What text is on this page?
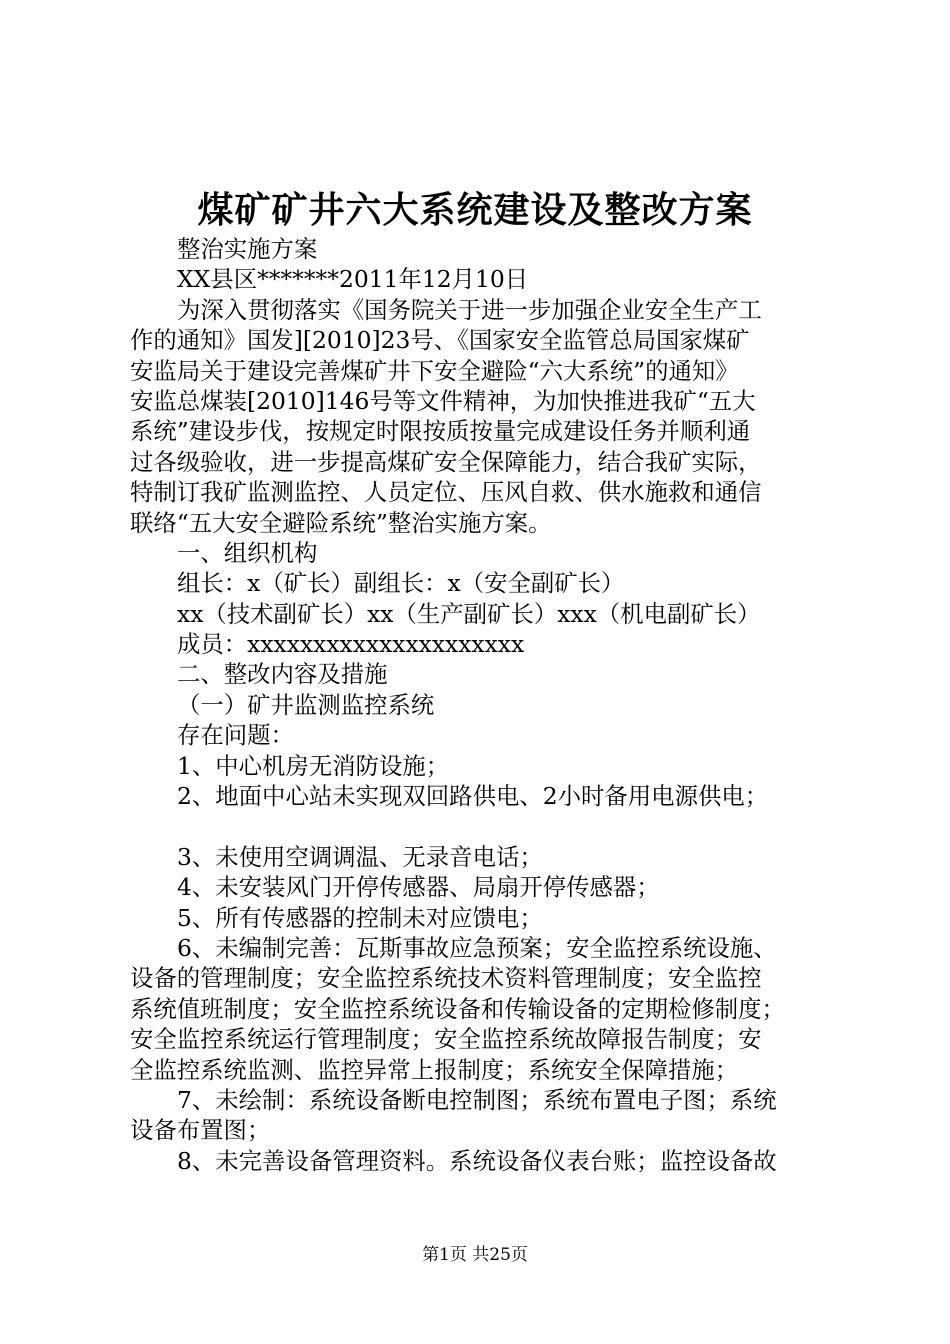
煤矿矿井六大系统建设及整改方案
整治实施方案
XX县区*******2011年12月10日
为深入贯彻落实《国务院关于进一步加强企业安全生产工
作的通知》国发][2010]23号、《国家安全监管总局国家煤矿
安监局关于建设完善煤矿井下安全避险“六大系统”的通知》
安监总煤装[2010]146号等文件精神，为加快推进我矿“五大
系统”建设步伐，按规定时限按质按量完成建设任务并顺利通
过各级验收，进一步提高煤矿安全保障能力，结合我矿实际，
特制订我矿监测监控、人员定位、压风自救、供水施救和通信
联络“五大安全避险系统”整治实施方案。
一、组织机构
组长：x（矿长）副组长：x（安全副矿长）
xx（技术副矿长）xx（生产副矿长）xxx（机电副矿长）
成员：xxxxxxxxxxxxxxxxxxxxx
二、整改内容及措施
（一）矿井监测监控系统
存在问题：
1、中心机房无消防设施；
2、地面中心站未实现双回路供电、2小时备用电源供电；
3、未使用空调调温、无录音电话；
4、未安装风门开停传感器、局扇开停传感器；
5、所有传感器的控制未对应馈电；
6、未编制完善：瓦斯事故应急预案；安全监控系统设施、
设备的管理制度；安全监控系统技术资料管理制度；安全监控
系统值班制度；安全监控系统设备和传输设备的定期检修制度；
安全监控系统运行管理制度；安全监控系统故障报告制度；安
全监控系统监测、监控异常上报制度；系统安全保障措施；
7、未绘制：系统设备断电控制图；系统布置电子图；系统
设备布置图；
8、未完善设备管理资料。系统设备仪表台账；监控设备故
第1页 共25页
